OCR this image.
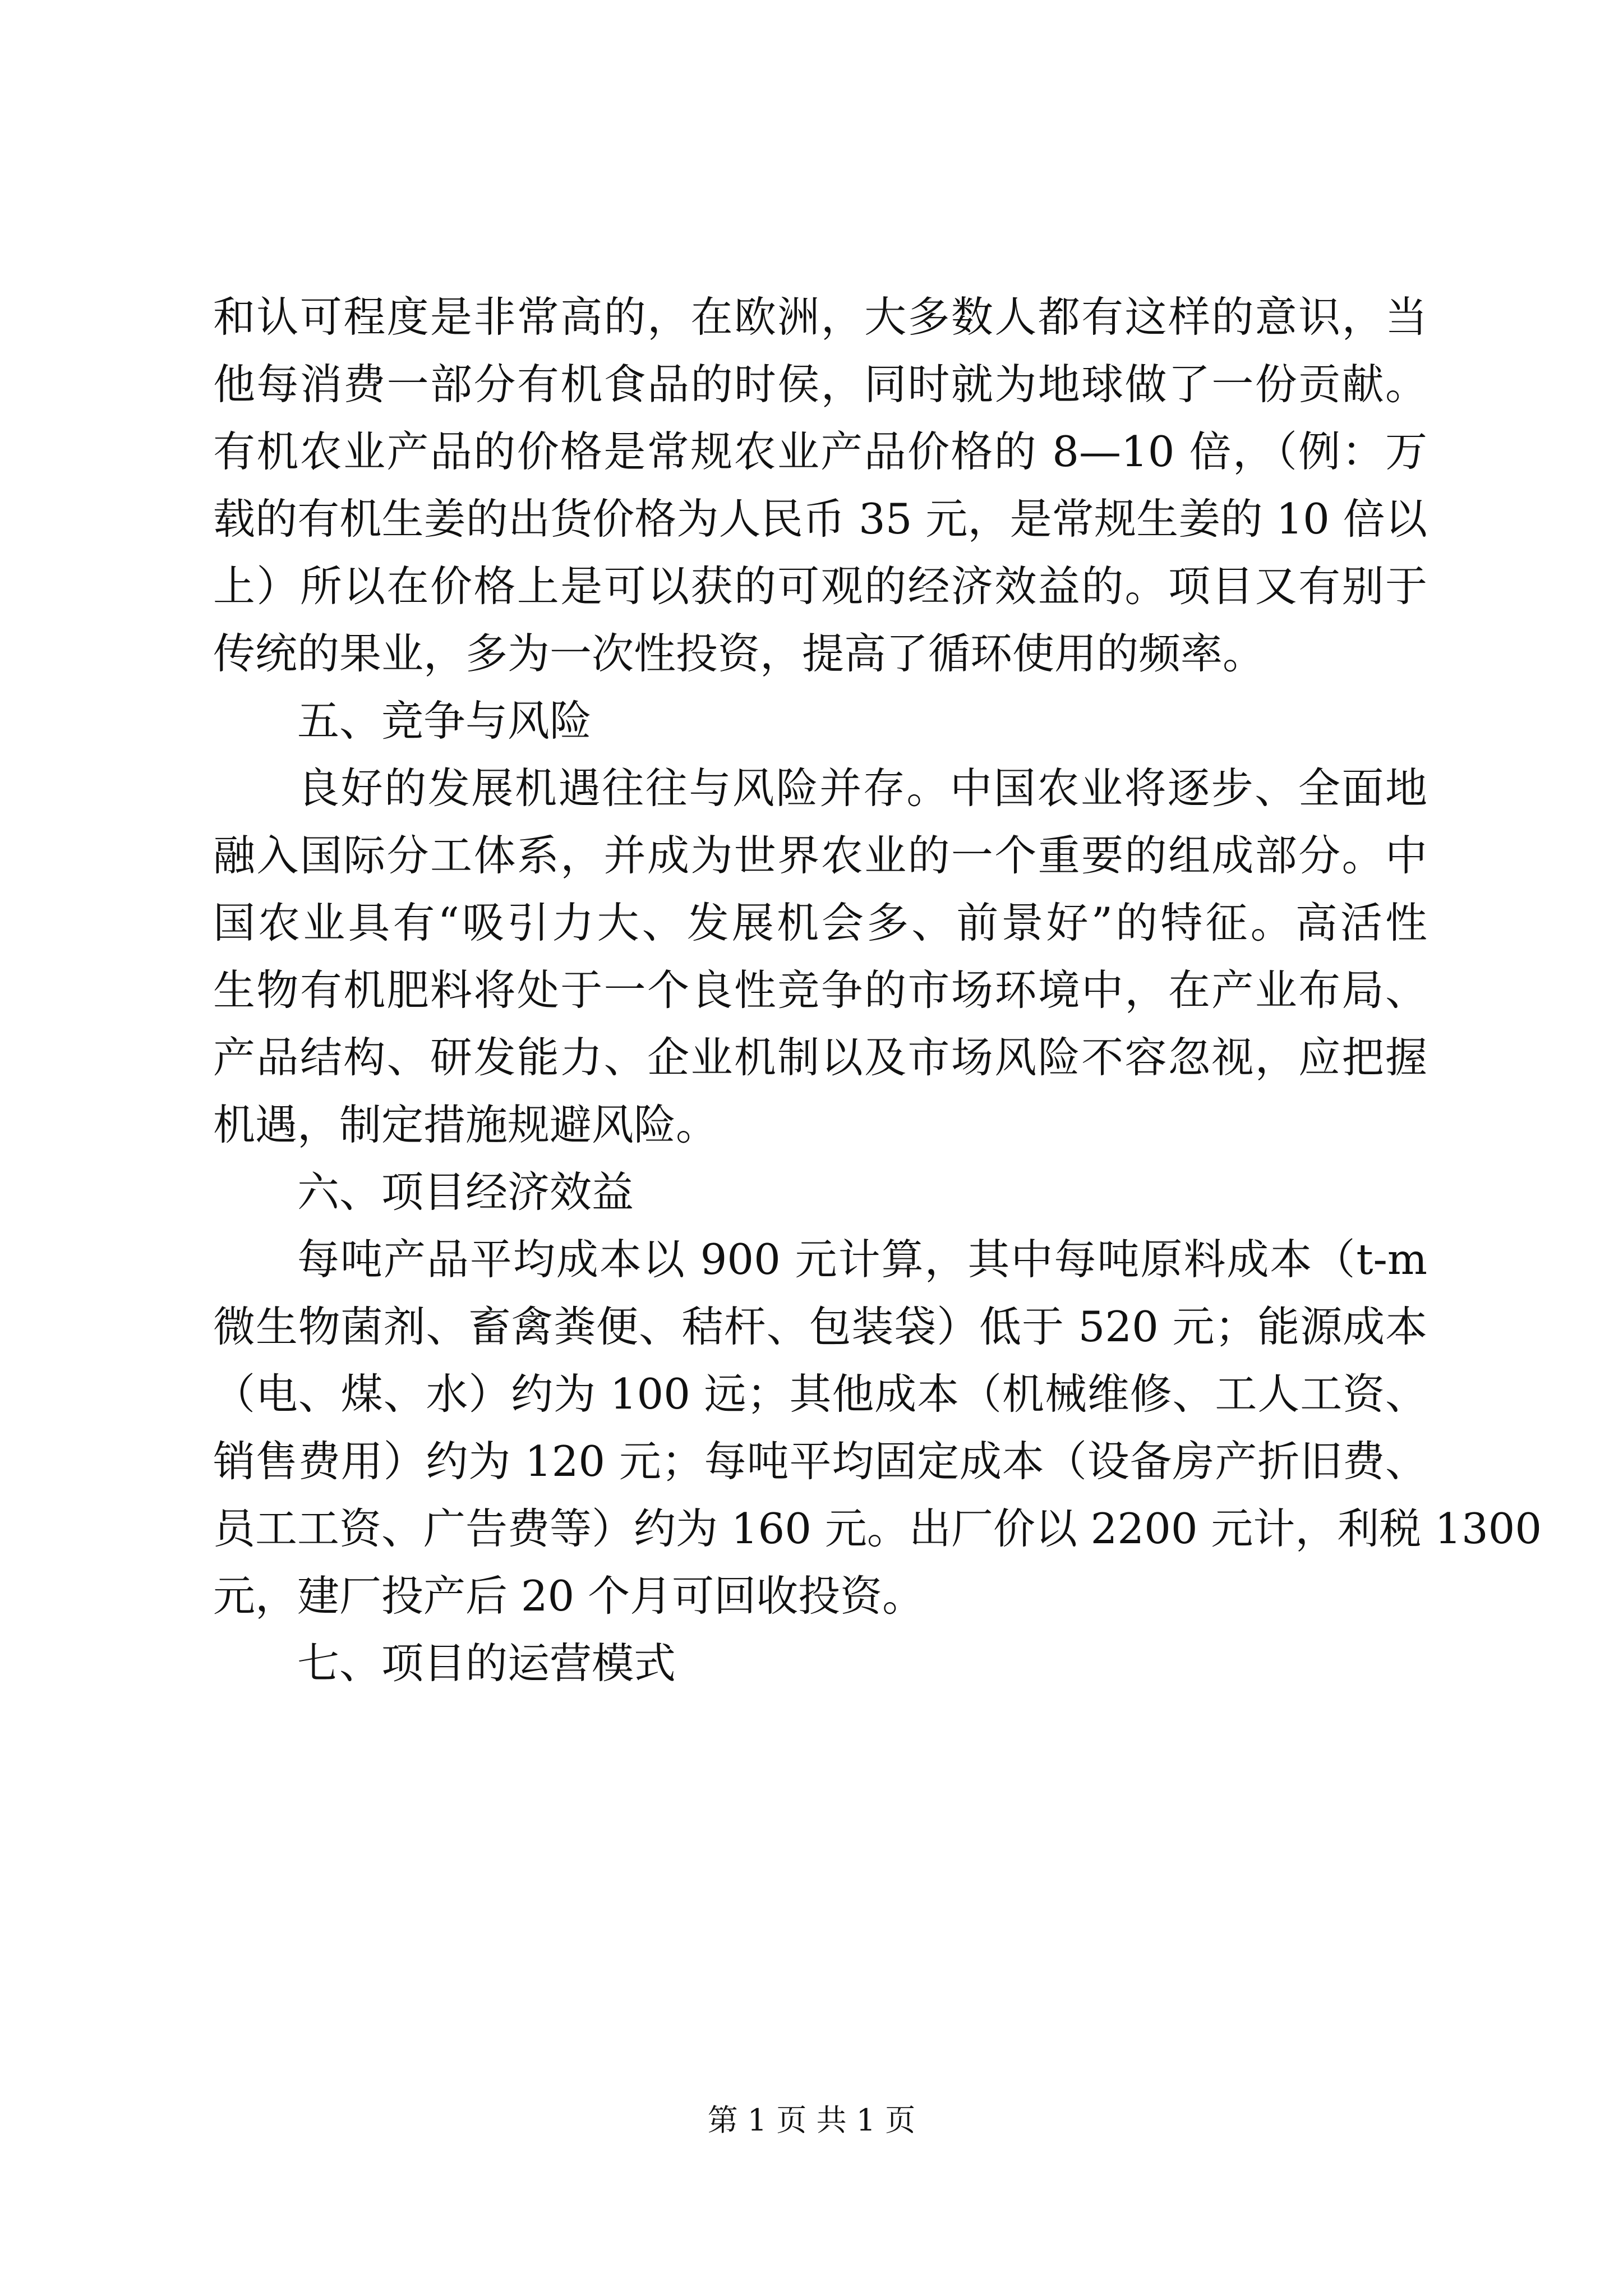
和认可程度是非常高的，在欧洲，大多数人都有这样的意识，当
他每消费一部分有机食品的时侯，同时就为地球做了一份贡献。
有机农业产品的价格是常规农业产品价格的 8—10 倍，（例：万
载的有机生姜的出货价格为人民币 35 元，是常规生姜的 10 倍以
上）所以在价格上是可以获的可观的经济效益的。项目又有别于
传统的果业，多为一次性投资，提高了循环使用的频率。
五、竞争与风险
良好的发展机遇往往与风险并存。中国农业将逐步、全面地
融入国际分工体系，并成为世界农业的一个重要的组成部分。中
国农业具有“吸引力大、发展机会多、前景好”的特征。高活性
生物有机肥料将处于一个良性竞争的市场环境中，在产业布局、
产品结构、研发能力、企业机制以及市场风险不容忽视，应把握
机遇，制定措施规避风险。
六、项目经济效益
每吨产品平均成本以 900 元计算，其中每吨原料成本（t-m
微生物菌剂、畜禽粪便、秸杆、包装袋）低于 520 元；能源成本
（电、煤、水）约为 100 远；其他成本（机械维修、工人工资、
销售费用）约为 120 元；每吨平均固定成本（设备房产折旧费、
员工工资、广告费等）约为 160 元。出厂价以 2200 元计，利税 1300
元，建厂投产后 20 个月可回收投资。
七、项目的运营模式
第 1 页 共 1 页
